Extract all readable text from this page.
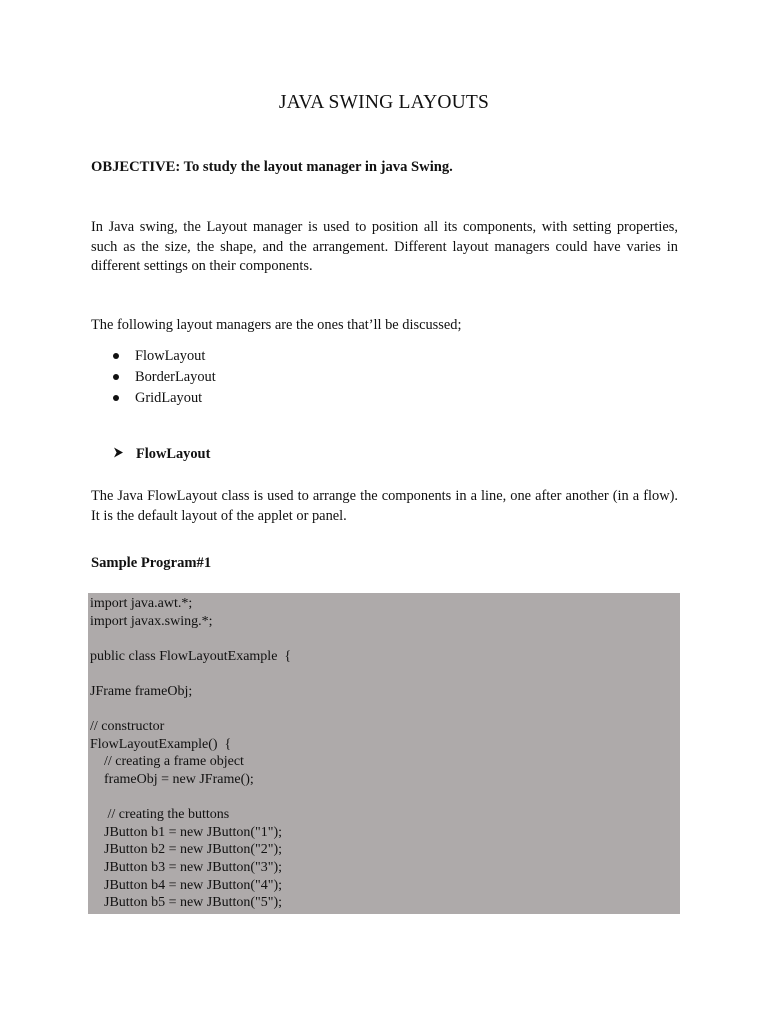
JAVA SWING LAYOUTS

OBJECTIVE: To study the layout manager in java Swing.

In Java swing, the Layout manager is used to position all its components, with setting properties, such as the size, the shape, and the arrangement. Different layout managers could have varies in different settings on their components.

The following layout managers are the ones that’ll be discussed;

FlowLayout
BorderLayout
GridLayout
FlowLayout

The Java FlowLayout class is used to arrange the components in a line, one after another (in a flow). It is the default layout of the applet or panel.

Sample Program#1

import java.awt.*;
import javax.swing.*;
public class FlowLayoutExample  {
JFrame frameObj;
// constructor
FlowLayoutExample()  {
// creating a frame object
frameObj = new JFrame();
// creating the buttons
JButton b1 = new JButton("1");
JButton b2 = new JButton("2");
JButton b3 = new JButton("3");
JButton b4 = new JButton("4");
JButton b5 = new JButton("5");
